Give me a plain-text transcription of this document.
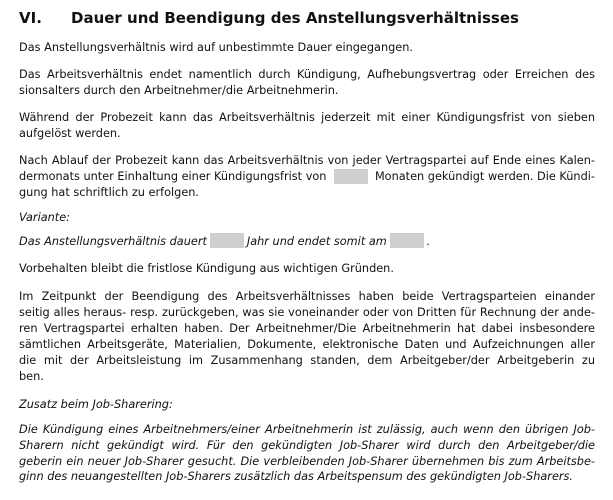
VI. Dauer und Beendigung des Anstellungsverhältnisses
Das Anstellungsverhältnis wird auf unbestimmte Dauer eingegangen.
Das Arbeitsverhältnis endet namentlich durch Kündigung, Aufhebungsvertrag oder Erreichen des
sionsalters durch den Arbeitnehmer/die Arbeitnehmerin.
Während der Probezeit kann das Arbeitsverhältnis jederzeit mit einer Kündigungsfrist von sieben
aufgelöst werden.
Nach Ablauf der Probezeit kann das Arbeitsverhältnis von jeder Vertragspartei auf Ende eines Kalen-
dermonats unter Einhaltung einer Kündigungsfrist von	Monaten gekündigt werden. Die Kündi-
gung hat schriftlich zu erfolgen.
Variante:
Das Anstellungsverhältnis dauert	Jahr und endet somit am	.
Vorbehalten bleibt die fristlose Kündigung aus wichtigen Gründen.
Im Zeitpunkt der Beendigung des Arbeitsverhältnisses haben beide Vertragsparteien einander
seitig alles heraus- resp. zurückgeben, was sie voneinander oder von Dritten für Rechnung der ande-
ren Vertragspartei erhalten haben. Der Arbeitnehmer/Die Arbeitnehmerin hat dabei insbesondere
sämtlichen Arbeitsgeräte, Materialien, Dokumente, elektronische Daten und Aufzeichnungen aller
die mit der Arbeitsleistung im Zusammenhang standen, dem Arbeitgeber/der Arbeitgeberin zu
ben.
Zusatz beim Job-Sharering:
Die Kündigung eines Arbeitnehmers/einer Arbeitnehmerin ist zulässig, auch wenn den übrigen Job-
Sharern nicht gekündigt wird. Für den gekündigten Job-Sharer wird durch den Arbeitgeber/die
geberin ein neuer Job-Sharer gesucht. Die verbleibenden Job-Sharer übernehmen bis zum Arbeitsbe-
ginn des neuangestellten Job-Sharers zusätzlich das Arbeitspensum des gekündigten Job-Sharers.
